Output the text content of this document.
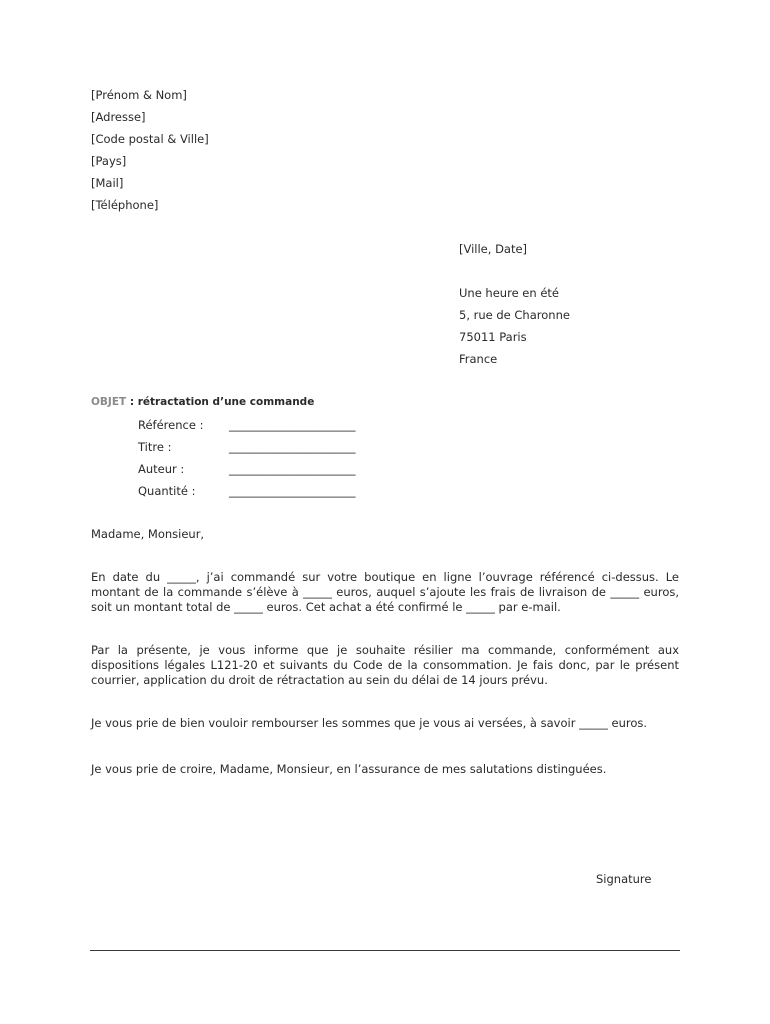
[Prénom & Nom]
[Adresse]
[Code postal & Ville]
[Pays]
[Mail]
[Téléphone]
[Ville, Date]
Une heure en été
5, rue de Charonne
75011 Paris
France
OBJET : rétractation d’une commande
Référence : ______________________
Titre :	______________________
Auteur :	______________________
Quantité :	______________________
Madame, Monsieur,

En date du _____, j’ai commandé sur votre boutique en ligne l’ouvrage référencé ci-dessus. Le montant de la commande s’élève à _____ euros, auquel s’ajoute les frais de livraison de _____ euros, soit un montant total de _____ euros. Cet achat a été confirmé le _____ par e-mail.

Par la présente, je vous informe que je souhaite résilier ma commande, conformément aux dispositions légales L121-20 et suivants du Code de la consommation. Je fais donc, par le présent courrier, application du droit de rétractation au sein du délai de 14 jours prévu.

Je vous prie de bien vouloir rembourser les sommes que je vous ai versées, à savoir _____ euros.

Je vous prie de croire, Madame, Monsieur, en l’assurance de mes salutations distinguées.

Signature
